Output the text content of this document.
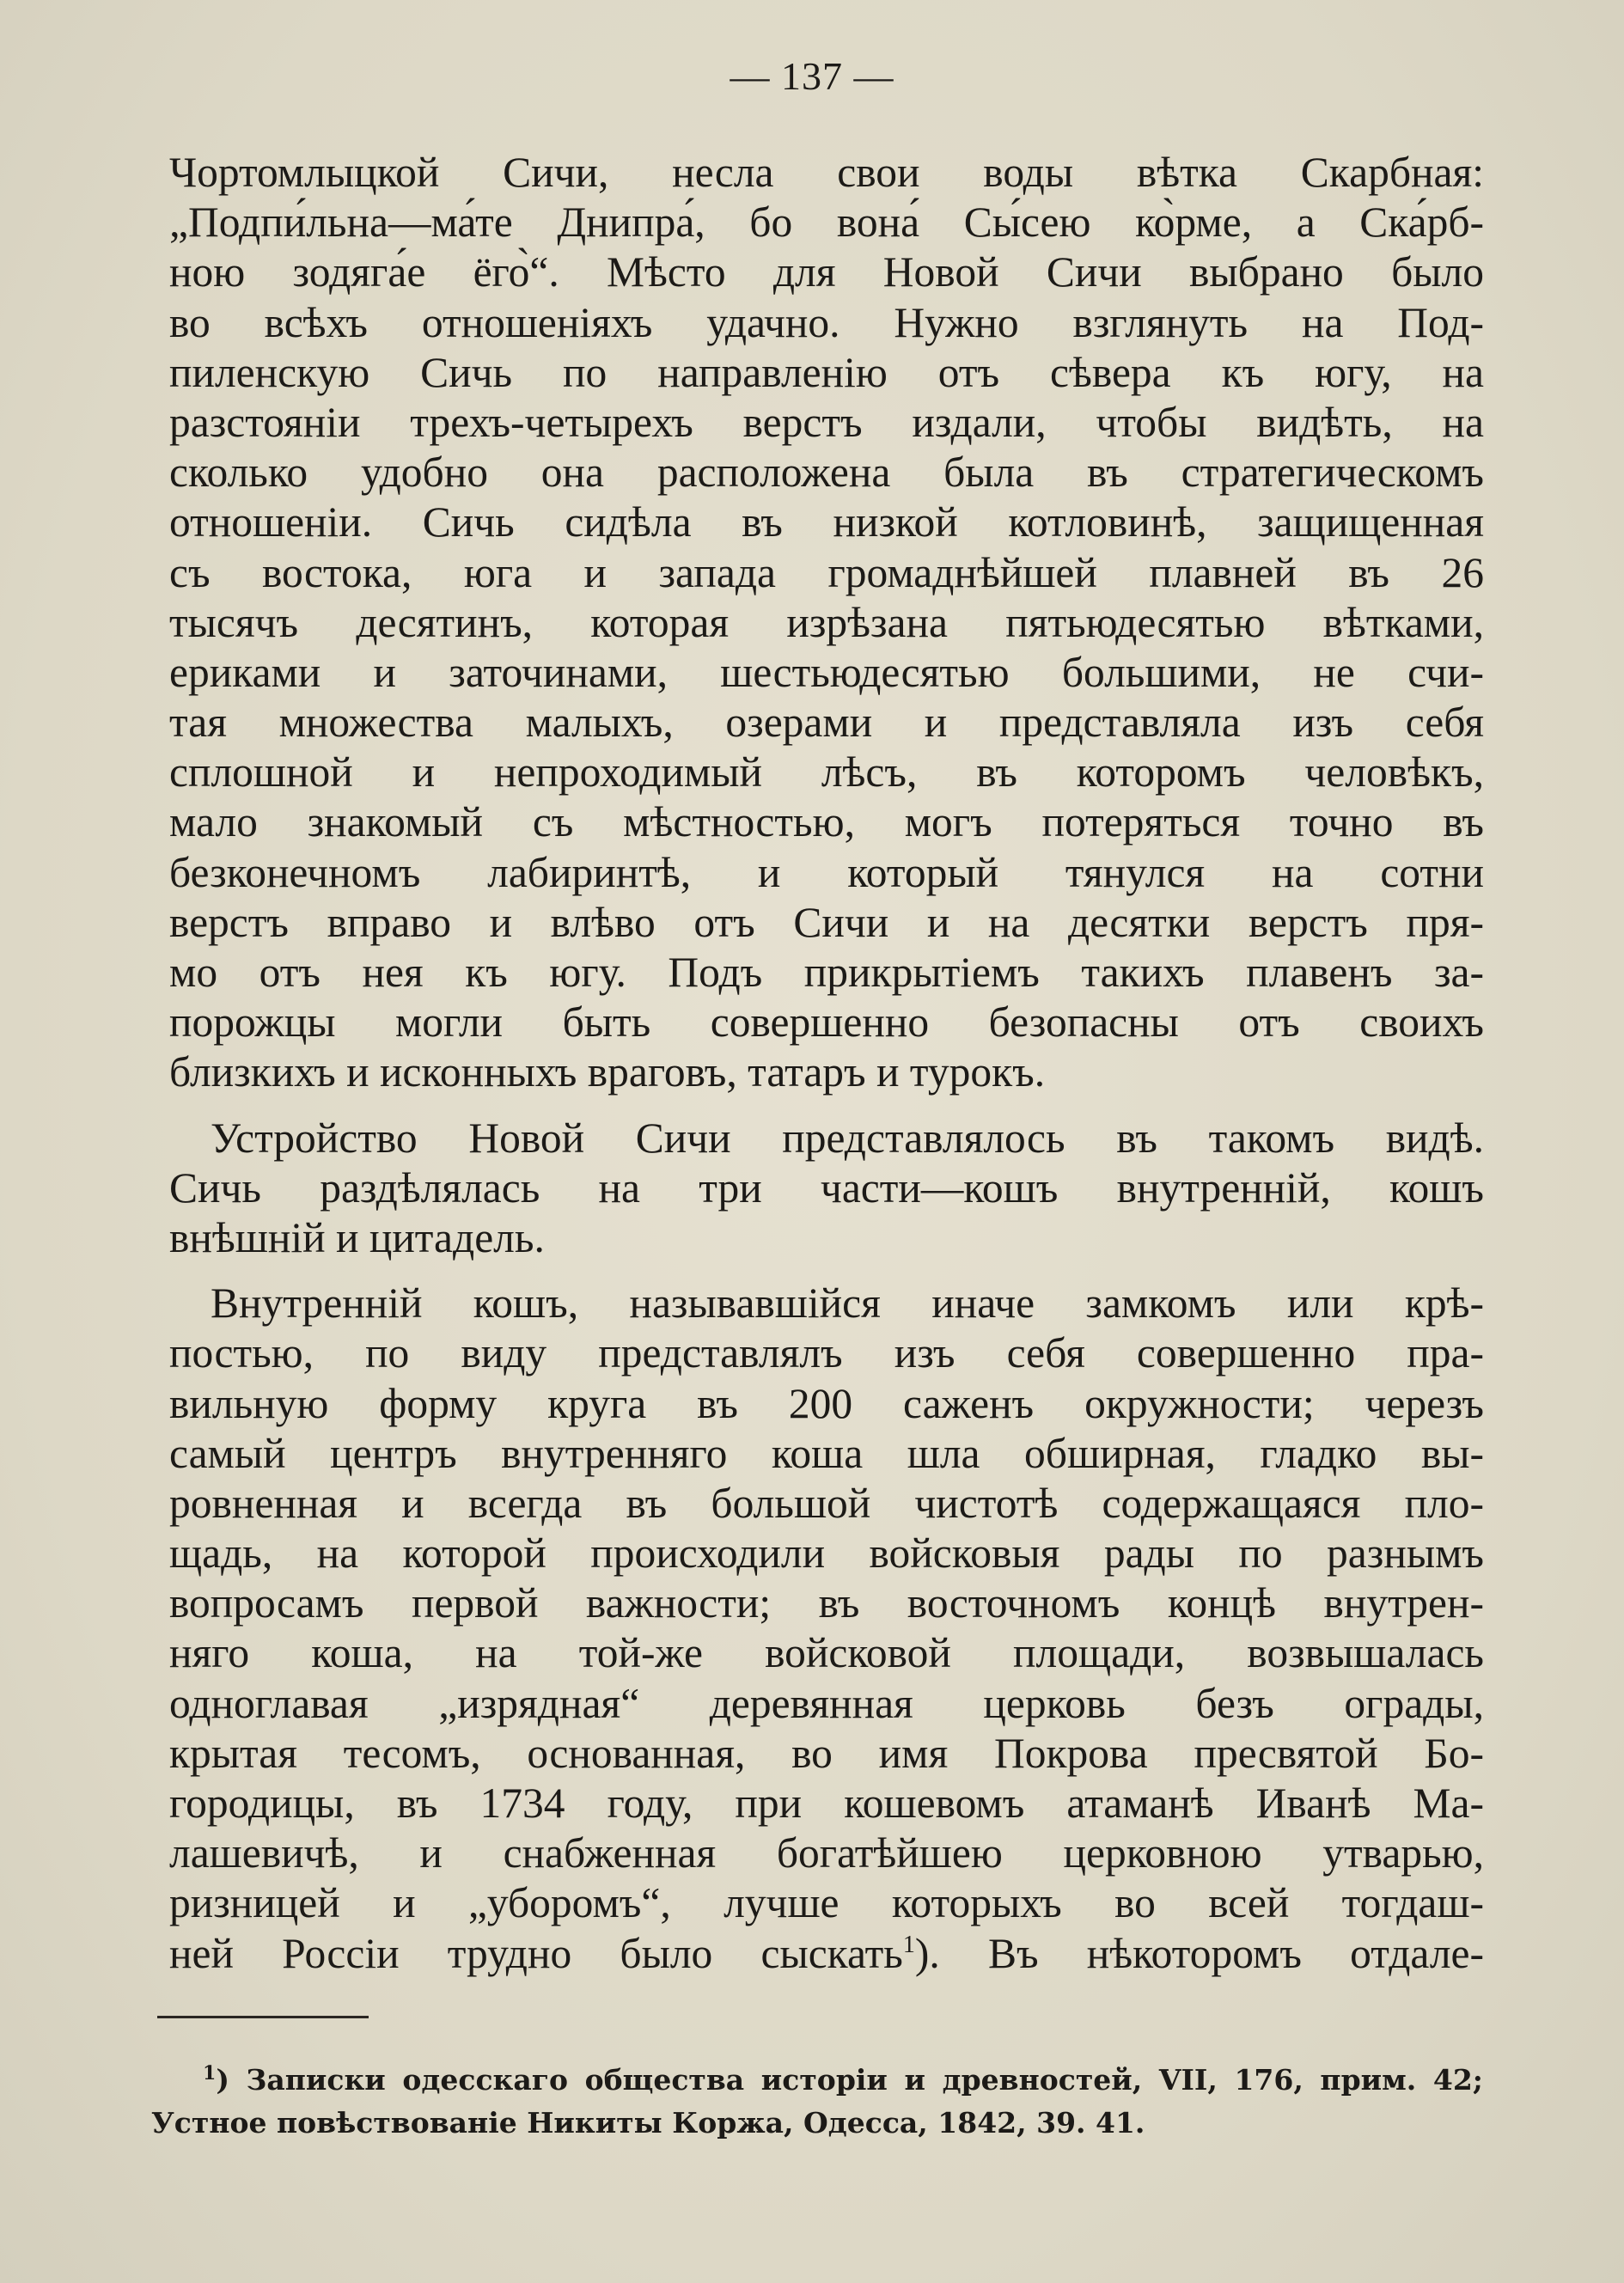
— 137 —
Чортомлыцкой Сичи, несла свои воды вѣтка Скарбная:
„Подпи́льна—ма́те Днипра́, бо вона́ Сы́сею ко̀рме, а Ска́рб-
ною зодяга́е ёго̀“. Мѣсто для Новой Сичи выбрано было
во всѣхъ отношеніяхъ удачно. Нужно взглянуть на Под-
пиленскую Сичь по направленію отъ сѣвера къ югу, на
разстояніи трехъ-четырехъ верстъ издали, чтобы видѣть, на
сколько удобно она расположена была въ стратегическомъ
отношеніи. Сичь сидѣла въ низкой котловинѣ, защищенная
съ востока, юга и запада громаднѣйшей плавней въ 26
тысячъ десятинъ, которая изрѣзана пятьюдесятью вѣтками,
ериками и заточинами, шестьюдесятью большими, не счи-
тая множества малыхъ, озерами и представляла изъ себя
сплошной и непроходимый лѣсъ, въ которомъ человѣкъ,
мало знакомый съ мѣстностью, могъ потеряться точно въ
безконечномъ лабиринтѣ, и который тянулся на сотни
верстъ вправо и влѣво отъ Сичи и на десятки верстъ пря-
мо отъ нея къ югу. Подъ прикрытіемъ такихъ плавенъ за-
порожцы могли быть совершенно безопасны отъ своихъ
близкихъ и исконныхъ враговъ, татаръ и турокъ.
Устройство Новой Сичи представлялось въ такомъ видѣ.
Сичь раздѣлялась на три части—кошъ внутренній, кошъ
внѣшній и цитадель.
Внутренній кошъ, называвшійся иначе замкомъ или крѣ-
постью, по виду представлялъ изъ себя совершенно пра-
вильную форму круга въ 200 саженъ окружности; черезъ
самый центръ внутренняго коша шла обширная, гладко вы-
ровненная и всегда въ большой чистотѣ содержащаяся пло-
щадь, на которой происходили войсковыя рады по разнымъ
вопросамъ первой важности; въ восточномъ концѣ внутрен-
няго коша, на той-же войсковой площади, возвышалась
одноглавая „изрядная“ деревянная церковь безъ ограды,
крытая тесомъ, основанная, во имя Покрова пресвятой Бо-
городицы, въ 1734 году, при кошевомъ атаманѣ Иванѣ Ма-
лашевичѣ, и снабженная богатѣйшею церковною утварью,
ризницей и „уборомъ“, лучше которыхъ во всей тогдаш-
ней Россіи трудно было сыскать$^1$). Въ нѣкоторомъ отдале-
$^1$) Записки одесскаго общества исторіи и древностей, VII, 176, прим. 42;
Устное повѣствованіе Никиты Коржа, Одесса, 1842, 39. 41.
